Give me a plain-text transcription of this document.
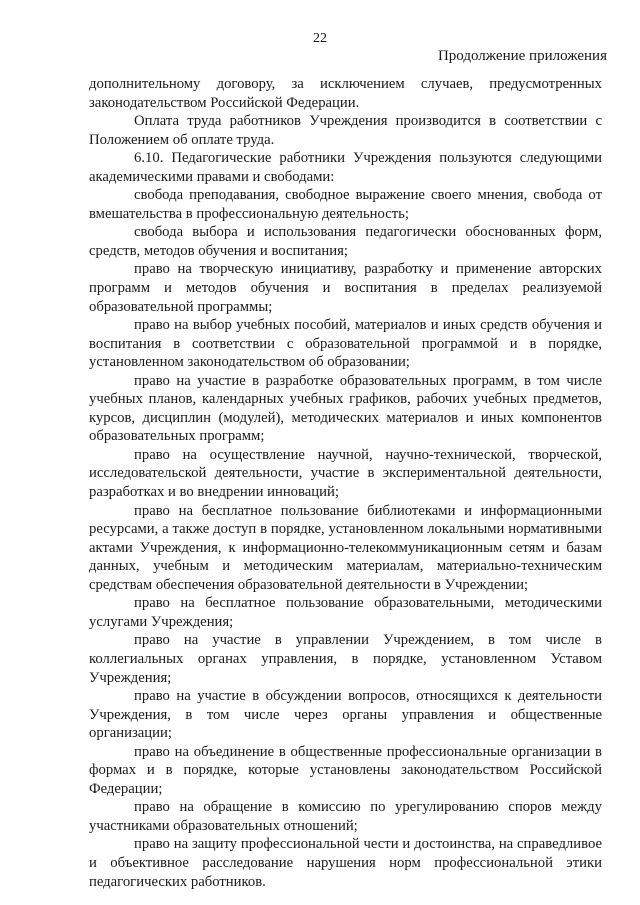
22
Продолжение приложения

дополнительному договору, за исключением случаев, предусмотренных законодательством Российской Федерации.

Оплата труда работников Учреждения производится в соответствии с Положением об оплате труда.

6.10. Педагогические работники Учреждения пользуются следующими академическими правами и свободами:

свобода преподавания, свободное выражение своего мнения, свобода от вмешательства в профессиональную деятельность;

свобода выбора и использования педагогически обоснованных форм, средств, методов обучения и воспитания;

право на творческую инициативу, разработку и применение авторских программ и методов обучения и воспитания в пределах реализуемой образовательной программы;

право на выбор учебных пособий, материалов и иных средств обучения и воспитания в соответствии с образовательной программой и в порядке, установленном законодательством об образовании;

право на участие в разработке образовательных программ, в том числе учебных планов, календарных учебных графиков, рабочих учебных предметов, курсов, дисциплин (модулей), методических материалов и иных компонентов образовательных программ;

право на осуществление научной, научно-технической, творческой, исследовательской деятельности, участие в экспериментальной деятельности, разработках и во внедрении инноваций;

право на бесплатное пользование библиотеками и информационными ресурсами, а также доступ в порядке, установленном локальными нормативными актами Учреждения, к информационно-телекоммуникационным сетям и базам данных, учебным и методическим материалам, материально-техническим средствам обеспечения образовательной деятельности в Учреждении;

право на бесплатное пользование образовательными, методическими услугами Учреждения;

право на участие в управлении Учреждением, в том числе в коллегиальных органах управления, в порядке, установленном Уставом Учреждения;

право на участие в обсуждении вопросов, относящихся к деятельности Учреждения, в том числе через органы управления и общественные организации;

право на объединение в общественные профессиональные организации в формах и в порядке, которые установлены законодательством Российской Федерации;

право на обращение в комиссию по урегулированию споров между участниками образовательных отношений;

право на защиту профессиональной чести и достоинства, на справедливое и объективное расследование нарушения норм профессиональной этики педагогических работников.
